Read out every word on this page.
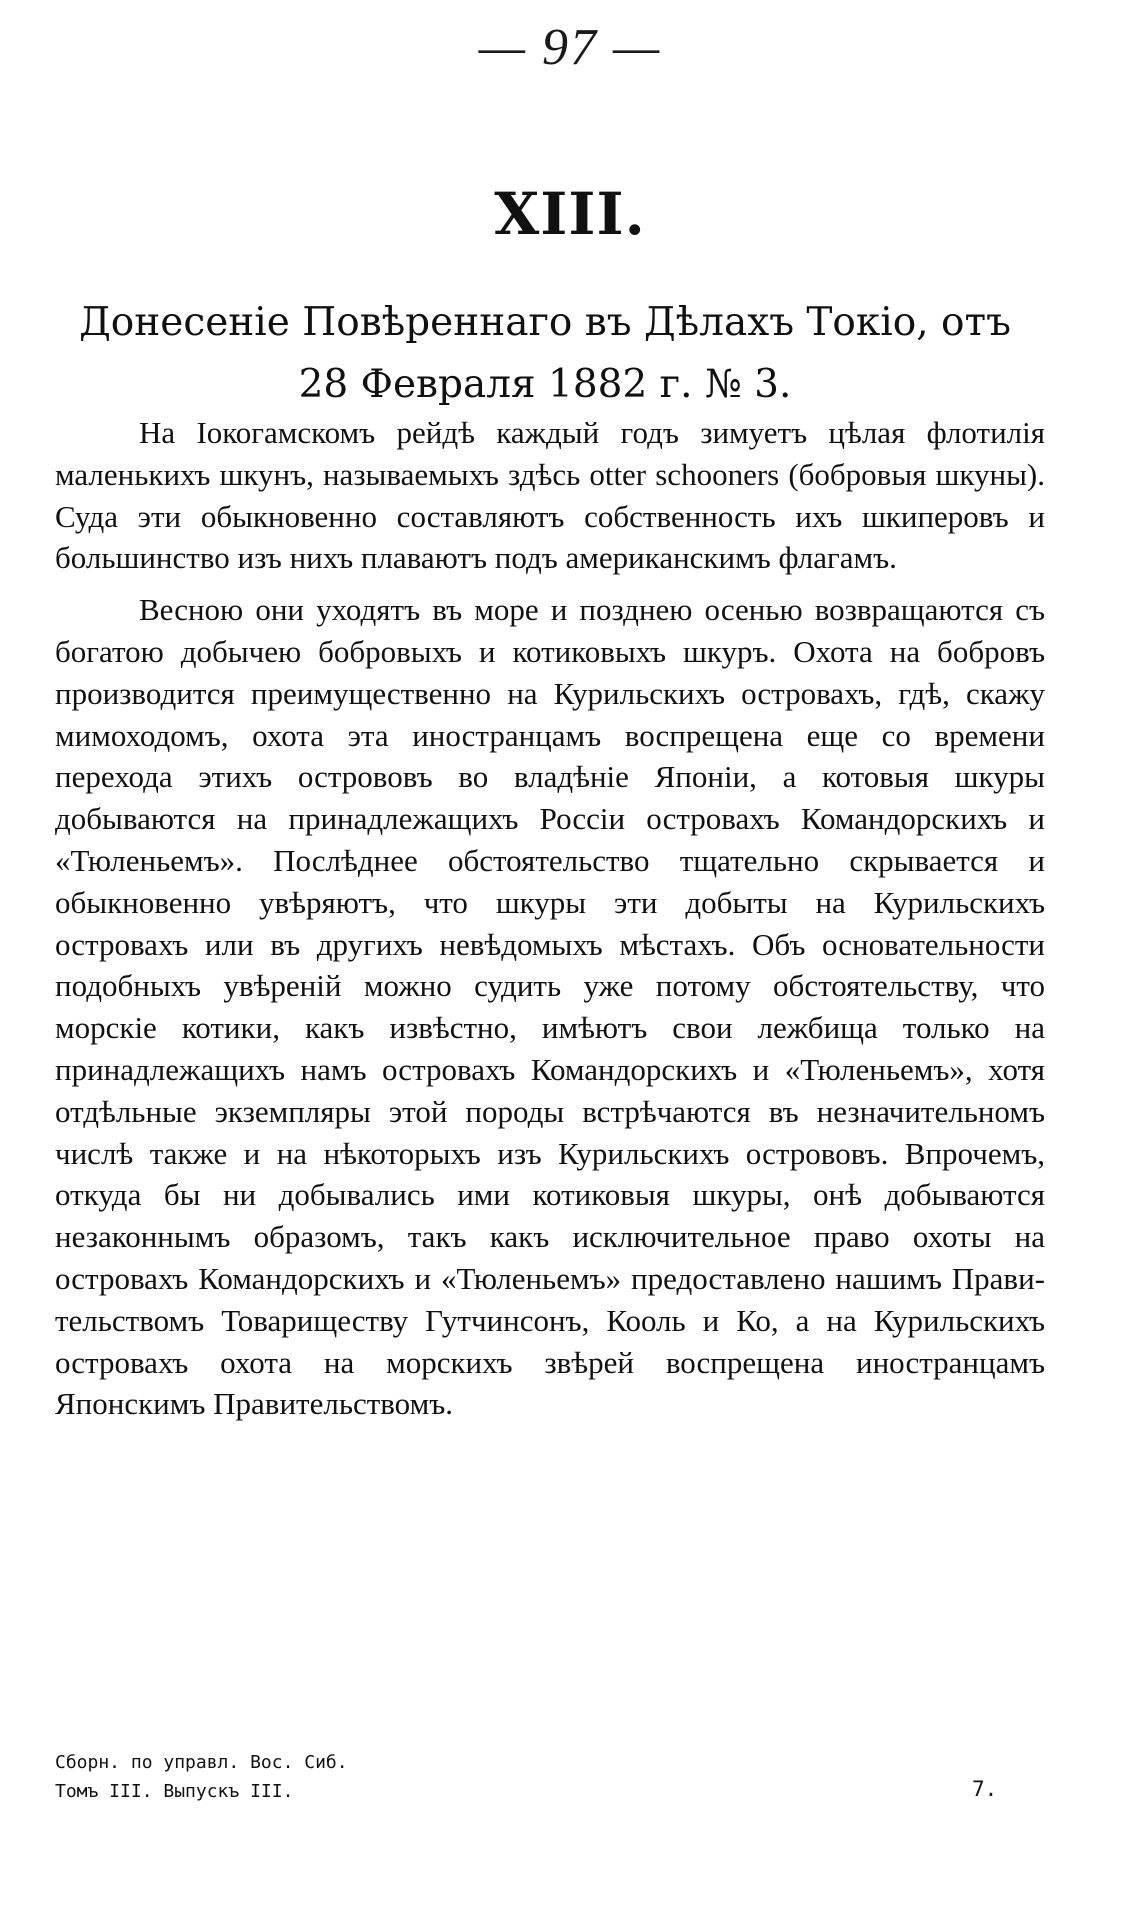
— 97 —
XIII.
Донесеніе Повѣреннаго въ Дѣлахъ Токіо, отъ 28 Февраля 1882 г. № 3.

На Іокогамскомъ рейдѣ каждый годъ зимуетъ цѣлая флотилія маленькихъ шкунъ, называемыхъ здѣсь otter schooners (бобровыя шкуны). Суда эти обыкновенно составляютъ собственность ихъ шкиперовъ и большинство изъ нихъ плаваютъ подъ американскимъ флагамъ.

Весною они уходятъ въ море и позднею осенью возвращаются съ богатою добычею бобровыхъ и котиковыхъ шкуръ. Охота на бобровъ производится преимущественно на Курильскихъ островахъ, гдѣ, скажу мимоходомъ, охота эта иностранцамъ воспрещена еще со времени перехода этихъ острововъ во владѣніе Японіи, а котовыя шкуры добываются на принадлежащихъ Россіи островахъ Командорскихъ и «Тюленьемъ». Послѣднее обстоятельство тщательно скрывается и обыкновенно увѣряютъ, что шкуры эти добыты на Курильскихъ островахъ или въ другихъ невѣдомыхъ мѣстахъ. Объ основательности подобныхъ увѣреній можно судить уже потому обстоятельству, что морскіе котики, какъ извѣстно, имѣютъ свои лежбища только на принадлежащихъ намъ островахъ Командорскихъ и «Тюленьемъ», хотя отдѣльные экземпляры этой породы встрѣчаются въ незначительномъ числѣ также и на нѣкоторыхъ изъ Курильскихъ острововъ. Впрочемъ, откуда бы ни добывались ими котиковыя шкуры, онѣ добываются незаконнымъ образомъ, такъ какъ исключительное право охоты на островахъ Командорскихъ и «Тюленьемъ» предоставлено нашимъ Правительствомъ Товариществу Гутчинсонъ, Кооль и Ко, а на Курильскихъ островахъ охота на морскихъ звѣрей воспрещена иностранцамъ Японскимъ Правительствомъ.

Сборн. по управл. Вос. Сиб.
Томъ III. Выпускъ III.	7.
